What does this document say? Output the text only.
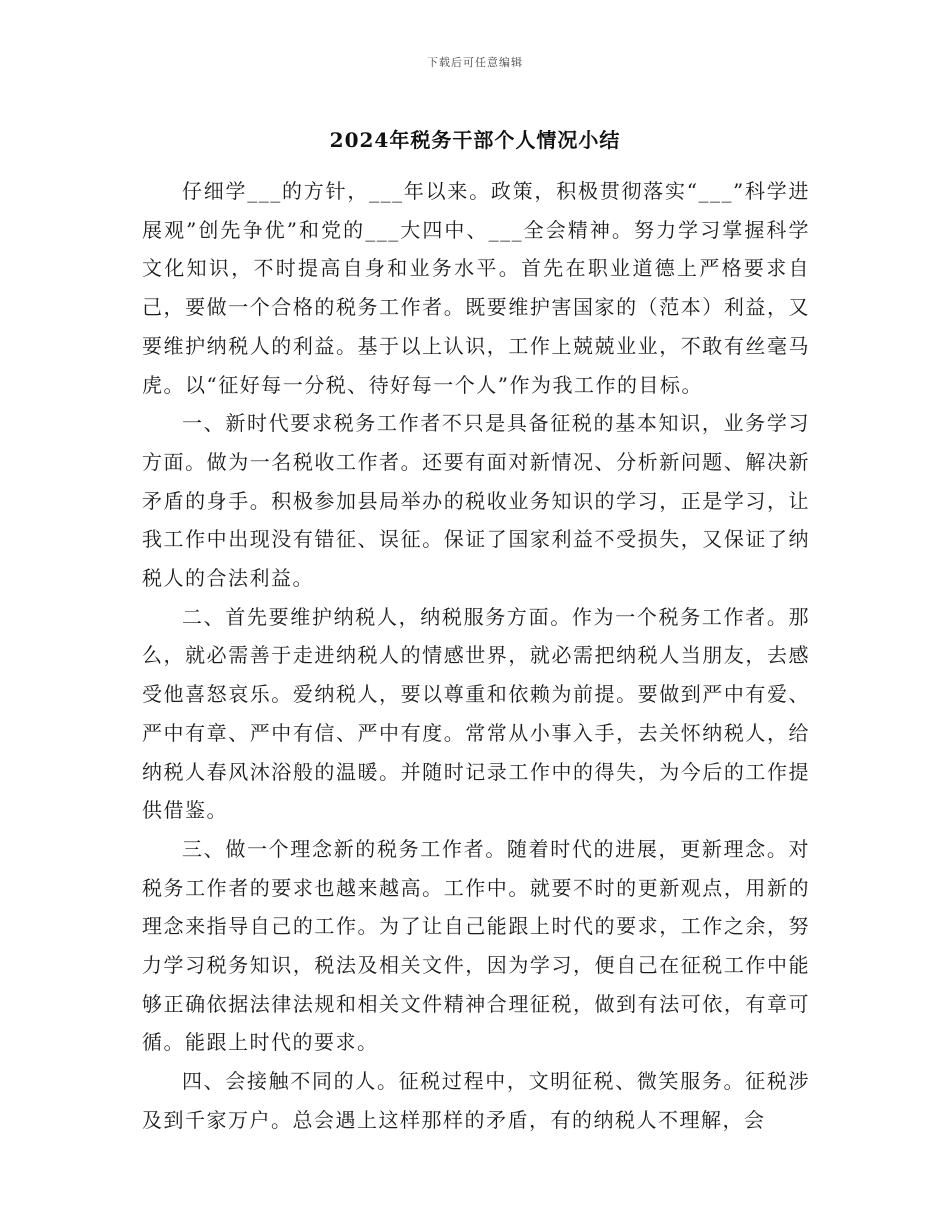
下载后可任意编辑
2024年税务干部个人情况小结

仔细学___的方针，___年以来。政策，积极贯彻落实“___”科学进展观”创先争优”和党的___大四中、___全会精神。努力学习掌握科学文化知识，不时提高自身和业务水平。首先在职业道德上严格要求自己，要做一个合格的税务工作者。既要维护害国家的（范本）利益，又要维护纳税人的利益。基于以上认识，工作上兢兢业业，不敢有丝毫马虎。以“征好每一分税、待好每一个人”作为我工作的目标。

一、新时代要求税务工作者不只是具备征税的基本知识，业务学习方面。做为一名税收工作者。还要有面对新情况、分析新问题、解决新矛盾的身手。积极参加县局举办的税收业务知识的学习，正是学习，让我工作中出现没有错征、误征。保证了国家利益不受损失，又保证了纳税人的合法利益。

二、首先要维护纳税人，纳税服务方面。作为一个税务工作者。那么，就必需善于走进纳税人的情感世界，就必需把纳税人当朋友，去感受他喜怒哀乐。爱纳税人，要以尊重和依赖为前提。要做到严中有爱、严中有章、严中有信、严中有度。常常从小事入手，去关怀纳税人，给纳税人春风沐浴般的温暖。并随时记录工作中的得失，为今后的工作提供借鉴。

三、做一个理念新的税务工作者。随着时代的进展，更新理念。对税务工作者的要求也越来越高。工作中。就要不时的更新观点，用新的理念来指导自己的工作。为了让自己能跟上时代的要求，工作之余，努力学习税务知识，税法及相关文件，因为学习，便自己在征税工作中能够正确依据法律法规和相关文件精神合理征税，做到有法可依，有章可循。能跟上时代的要求。

四、会接触不同的人。征税过程中，文明征税、微笑服务。征税涉及到千家万户。总会遇上这样那样的矛盾，有的纳税人不理解，会
